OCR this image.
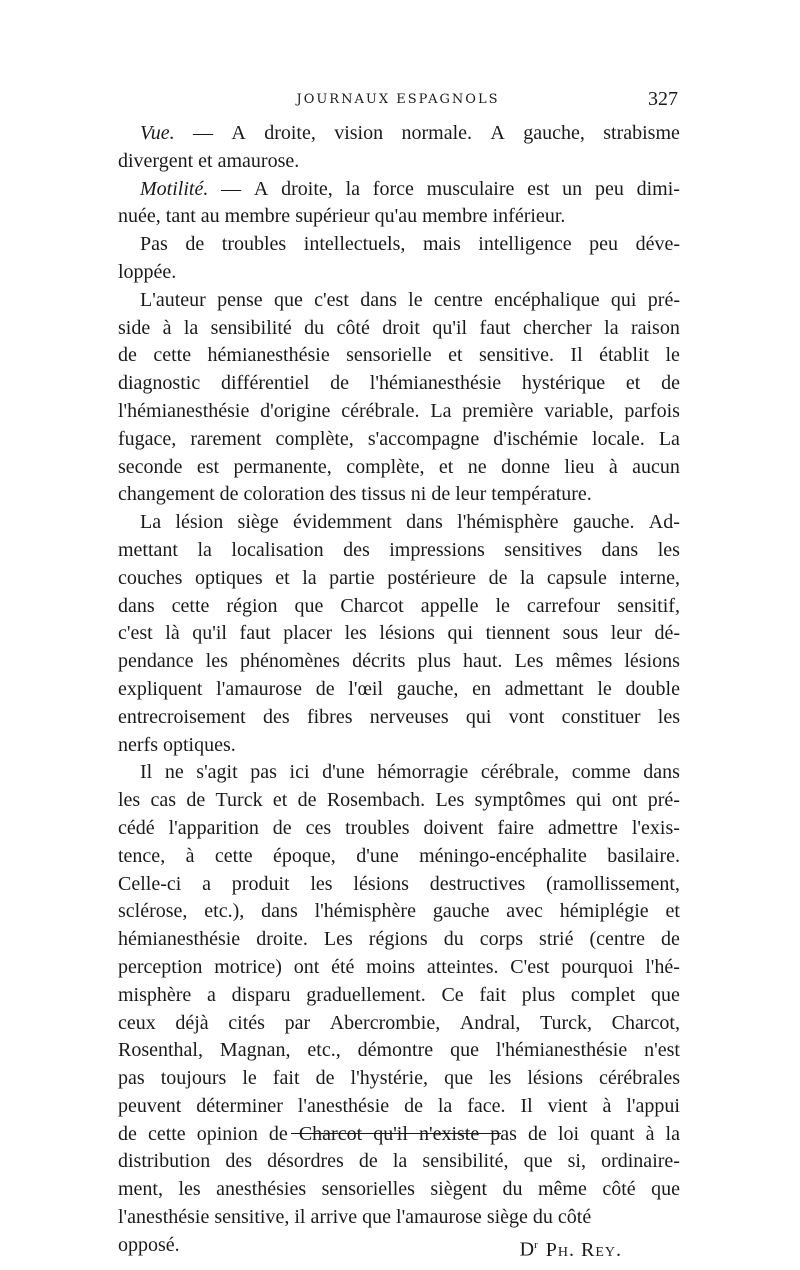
JOURNAUX ESPAGNOLS	327
Vue. — A droite, vision normale. A gauche, strabisme
divergent et amaurose.
Motilité. — A droite, la force musculaire est un peu dimi-
nuée, tant au membre supérieur qu'au membre inférieur.
Pas de troubles intellectuels, mais intelligence peu déve-
loppée.
L'auteur pense que c'est dans le centre encéphalique qui pré-
side à la sensibilité du côté droit qu'il faut chercher la raison
de cette hémianesthésie sensorielle et sensitive. Il établit le
diagnostic différentiel de l'hémianesthésie hystérique et de
l'hémianesthésie d'origine cérébrale. La première variable, parfois
fugace, rarement complète, s'accompagne d'ischémie locale. La
seconde est permanente, complète, et ne donne lieu à aucun
changement de coloration des tissus ni de leur température.
La lésion siège évidemment dans l'hémisphère gauche. Ad-
mettant la localisation des impressions sensitives dans les
couches optiques et la partie postérieure de la capsule interne,
dans cette région que Charcot appelle le carrefour sensitif,
c'est là qu'il faut placer les lésions qui tiennent sous leur dé-
pendance les phénomènes décrits plus haut. Les mêmes lésions
expliquent l'amaurose de l'œil gauche, en admettant le double
entrecroisement des fibres nerveuses qui vont constituer les
nerfs optiques.
Il ne s'agit pas ici d'une hémorragie cérébrale, comme dans
les cas de Turck et de Rosembach. Les symptômes qui ont pré-
cédé l'apparition de ces troubles doivent faire admettre l'exis-
tence, à cette époque, d'une méningo-encéphalite basilaire.
Celle-ci a produit les lésions destructives (ramollissement,
sclérose, etc.), dans l'hémisphère gauche avec hémiplégie et
hémianesthésie droite. Les régions du corps strié (centre de
perception motrice) ont été moins atteintes. C'est pourquoi l'hé-
misphère a disparu graduellement. Ce fait plus complet que
ceux déjà cités par Abercrombie, Andral, Turck, Charcot,
Rosenthal, Magnan, etc., démontre que l'hémianesthésie n'est
pas toujours le fait de l'hystérie, que les lésions cérébrales
peuvent déterminer l'anesthésie de la face. Il vient à l'appui
de cette opinion de Charcot qu'il n'existe pas de loi quant à la
distribution des désordres de la sensibilité, que si, ordinaire-
ment, les anesthésies sensorielles siègent du même côté que
l'anesthésie sensitive, il arrive que l'amaurose siège du côté
opposé.	$D^r$ Ph. Rey.
